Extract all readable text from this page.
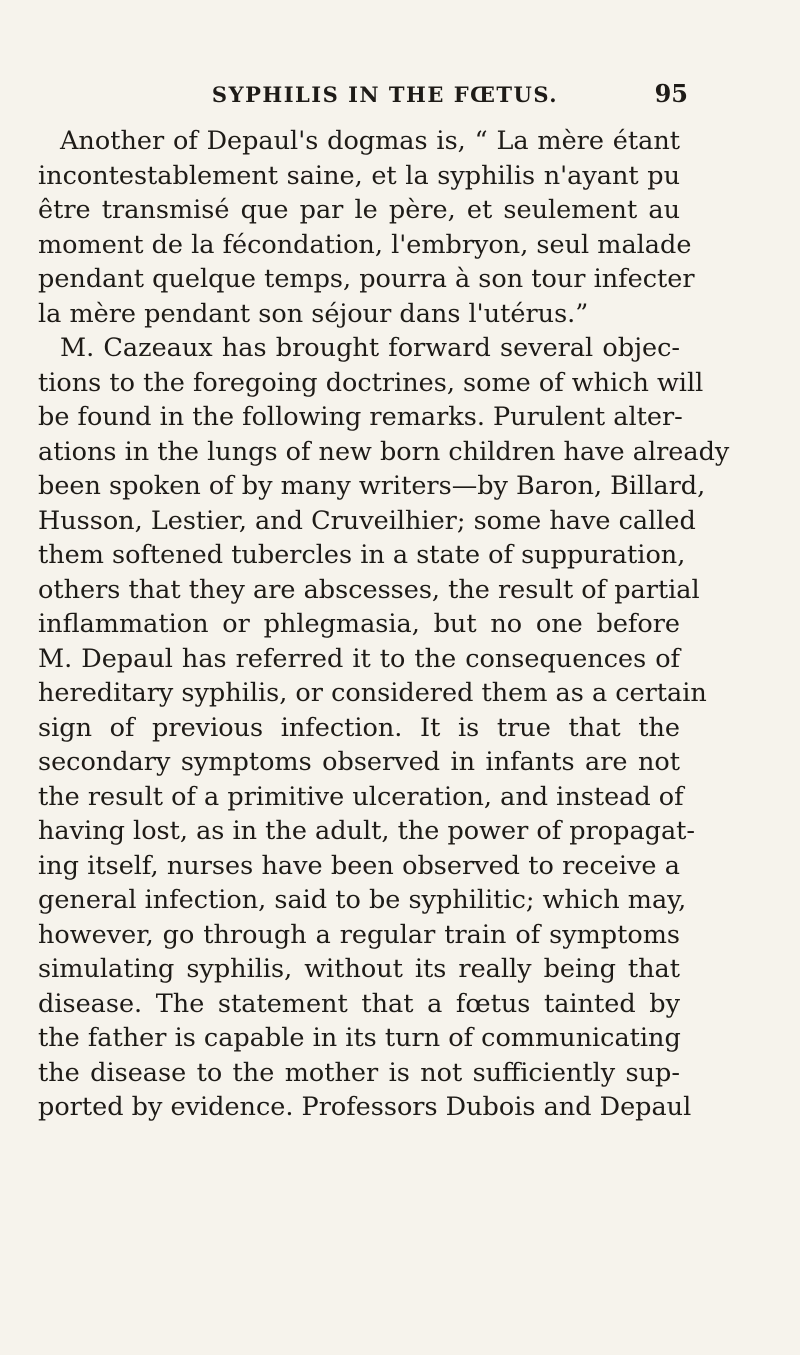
SYPHILIS IN THE FŒTUS.	95
Another of Depaul's dogmas is, “ La mère étant
incontestablement saine, et la syphilis n'ayant pu
être transmisé que par le père, et seulement au
moment de la fécondation, l'embryon, seul malade
pendant quelque temps, pourra à son tour infecter
la mère pendant son séjour dans l'utérus.”
M. Cazeaux has brought forward several objec-
tions to the foregoing doctrines, some of which will
be found in the following remarks. Purulent alter-
ations in the lungs of new born children have already
been spoken of by many writers—by Baron, Billard,
Husson, Lestier, and Cruveilhier; some have called
them softened tubercles in a state of suppuration,
others that they are abscesses, the result of partial
inflammation or phlegmasia, but no one before
M. Depaul has referred it to the consequences of
hereditary syphilis, or considered them as a certain
sign of previous infection. It is true that the
secondary symptoms observed in infants are not
the result of a primitive ulceration, and instead of
having lost, as in the adult, the power of propagat-
ing itself, nurses have been observed to receive a
general infection, said to be syphilitic; which may,
however, go through a regular train of symptoms
simulating syphilis, without its really being that
disease. The statement that a fœtus tainted by
the father is capable in its turn of communicating
the disease to the mother is not sufficiently sup-
ported by evidence. Professors Dubois and Depaul
